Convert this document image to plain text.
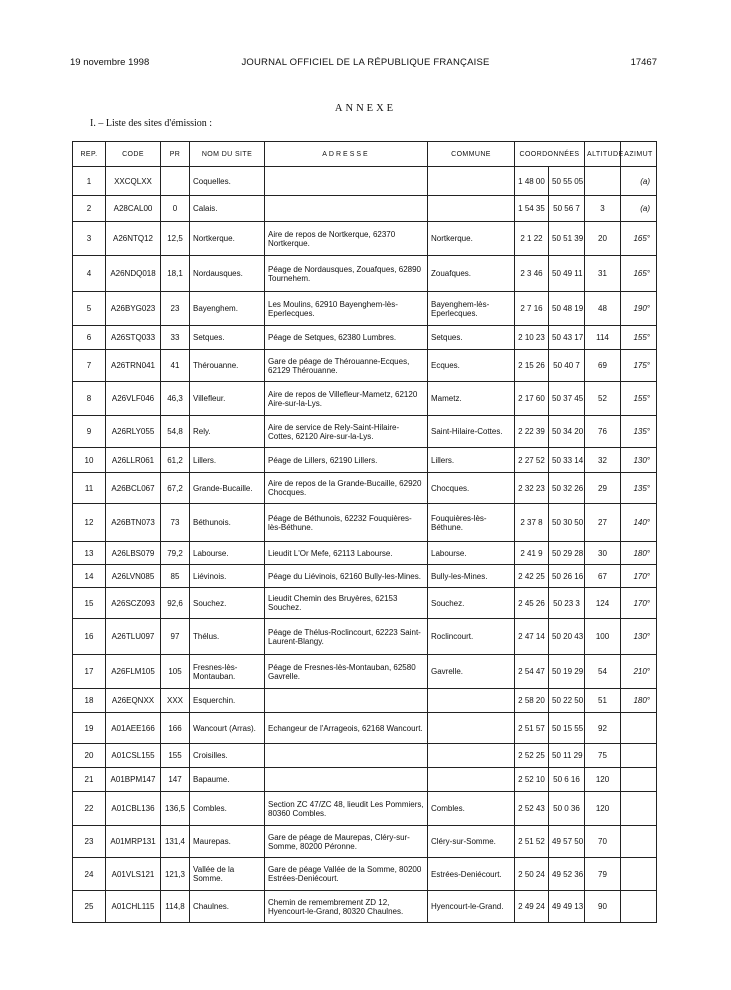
19 novembre 1998	JOURNAL OFFICIEL DE LA RÉPUBLIQUE FRANÇAISE	17467
ANNEXE
I. – Liste des sites d'émission :
REP.	CODE	PR	NOM DU SITE	ADRESSE	COMMUNE	COORDONNÉES		ALTITUDE	AZIMUT
1	XXCQLXX		Coquelles.			1 48 00	50 55 05		(a)
2	A28CAL00	0	Calais.			1 54 35	50 56 7	3	(a)
3	A26NTQ12	12,5	Nortkerque.	Aire de repos de Nortkerque, 62370 Nortkerque.	Nortkerque.	2 1 22	50 51 39	20	165°
4	A26NDQ018	18,1	Nordausques.	Péage de Nordausques, Zouafques, 62890 Tournehem.	Zouafques.	2 3 46	50 49 11	31	165°
5	A26BYG023	23	Bayenghem.	Les Moulins, 62910 Bayenghem-lès-Eperlecques.	Bayenghem-lès-Eperlecques.	2 7 16	50 48 19	48	190°
6	A26STQ033	33	Setques.	Péage de Setques, 62380 Lumbres.	Setques.	2 10 23	50 43 17	114	155°
7	A26TRN041	41	Thérouanne.	Gare de péage de Thérouanne-Ecques, 62129 Thérouanne.	Ecques.	2 15 26	50 40 7	69	175°
8	A26VLF046	46,3	Villefleur.	Aire de repos de Villefleur-Mametz, 62120 Aire-sur-la-Lys.	Mametz.	2 17 60	50 37 45	52	155°
9	A26RLY055	54,8	Rely.	Aire de service de Rely-Saint-Hilaire-Cottes, 62120 Aire-sur-la-Lys.	Saint-Hilaire-Cottes.	2 22 39	50 34 20	76	135°
10	A26LLR061	61,2	Lillers.	Péage de Lillers, 62190 Lillers.	Lillers.	2 27 52	50 33 14	32	130°
11	A26BCL067	67,2	Grande-Bucaille.	Aire de repos de la Grande-Bucaille, 62920 Chocques.	Chocques.	2 32 23	50 32 26	29	135°
12	A26BTN073	73	Béthunois.	Péage de Béthunois, 62232 Fouquières-lès-Béthune.	Fouquières-lès-Béthune.	2 37 8	50 30 50	27	140°
13	A26LBS079	79,2	Labourse.	Lieudit L'Or Mefe, 62113 Labourse.	Labourse.	2 41 9	50 29 28	30	180°
14	A26LVN085	85	Liévinois.	Péage du Liévinois, 62160 Bully-les-Mines.	Bully-les-Mines.	2 42 25	50 26 16	67	170°
15	A26SCZ093	92,6	Souchez.	Lieudit Chemin des Bruyères, 62153 Souchez.	Souchez.	2 45 26	50 23 3	124	170°
16	A26TLU097	97	Thélus.	Péage de Thélus-Roclincourt, 62223 Saint-Laurent-Blangy.	Roclincourt.	2 47 14	50 20 43	100	130°
17	A26FLM105	105	Fresnes-lès-Montauban.	Péage de Fresnes-lès-Montauban, 62580 Gavrelle.	Gavrelle.	2 54 47	50 19 29	54	210°
18	A26EQNXX	XXX	Esquerchin.			2 58 20	50 22 50	51	180°
19	A01AEE166	166	Wancourt (Arras).	Echangeur de l'Arrageois, 62168 Wancourt.		2 51 57	50 15 55	92	
20	A01CSL155	155	Croisilles.			2 52 25	50 11 29	75	
21	A01BPM147	147	Bapaume.			2 52 10	50 6 16	120	
22	A01CBL136	136,5	Combles.	Section ZC 47/ZC 48, lieudit Les Pommiers, 80360 Combles.	Combles.	2 52 43	50 0 36	120	
23	A01MRP131	131,4	Maurepas.	Gare de péage de Maurepas, Cléry-sur-Somme, 80200 Péronne.	Cléry-sur-Somme.	2 51 52	49 57 50	70	
24	A01VLS121	121,3	Vallée de la Somme.	Gare de péage Vallée de la Somme, 80200 Estrées-Deniécourt.	Estrées-Deniécourt.	2 50 24	49 52 36	79	
25	A01CHL115	114,8	Chaulnes.	Chemin de remembrement ZD 12, Hyencourt-le-Grand, 80320 Chaulnes.	Hyencourt-le-Grand.	2 49 24	49 49 13	90	
